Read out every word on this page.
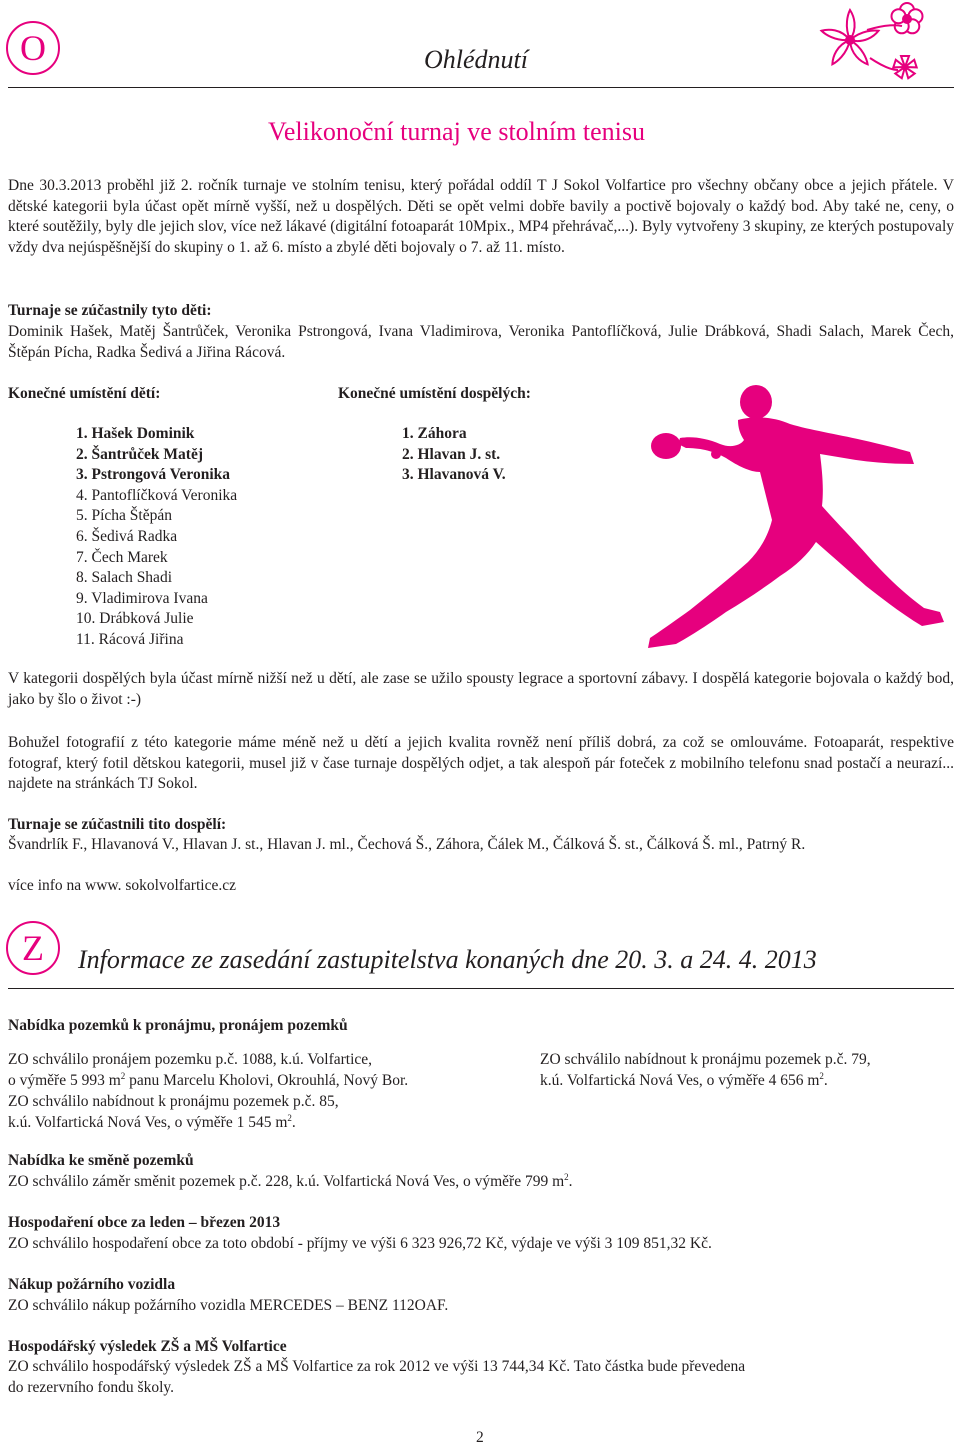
O	Ohlédnutí
Velikonoční turnaj ve stolním tenisu

Dne 30.3.2013 proběhl již 2. ročník turnaje ve stolním tenisu, který pořádal oddíl T J Sokol Volfartice pro všechny občany obce a jejich přátele. V dětské kategorii byla účast opět mírně vyšší, než u dospělých. Děti se opět velmi dobře bavily a poctivě bojovaly o každý bod. Aby také ne, ceny, o které soutěžily, byly dle jejich slov, více než lákavé (digitální fotoaparát 10Mpix., MP4 přehrávač,...). Byly vytvořeny 3 skupiny, ze kterých postupovaly vždy dva nejúspěšnější do skupiny o 1. až 6. místo a zbylé děti bojovaly o 7. až 11. místo.

Turnaje se zúčastnily tyto děti:

Dominik Hašek, Matěj Šantrůček, Veronika Pstrongová, Ivana Vladimirova, Veronika Pantoflíčková, Julie Drábková, Shadi Salach, Marek Čech, Štěpán Pícha, Radka Šedivá a Jiřina Rácová.

Konečné umístění dětí:	Konečné umístění dospělých:
1. Hašek Dominik
2. Šantrůček Matěj
3. Pstrongová Veronika
4. Pantoflíčková Veronika
5. Pícha Štěpán
6. Šedivá Radka
7. Čech Marek
8. Salach Shadi
9. Vladimirova Ivana
10. Drábková Julie
11. Rácová Jiřina
1. Záhora
2. Hlavan J. st.
3. Hlavanová V.

V kategorii dospělých byla účast mírně nižší než u dětí, ale zase se užilo spousty legrace a sportovní zábavy. I dospělá kategorie bojovala o každý bod, jako by šlo o život :-)

Bohužel fotografií z této kategorie máme méně než u dětí a jejich kvalita rovněž není příliš dobrá, za což se omlouváme. Fotoaparát, respektive fotograf, který fotil dětskou kategorii, musel již v čase turnaje dospělých odjet, a tak alespoň pár foteček z mobilního telefonu snad postačí a neurazí... najdete na stránkách TJ Sokol.

Turnaje se zúčastnili tito dospělí:
Švandrlík F., Hlavanová V., Hlavan J. st., Hlavan J. ml., Čechová Š., Záhora, Čálek M., Čálková Š. st., Čálková Š. ml., Patrný R.
více info na www. sokolvolfartice.cz
Z	Informace ze zasedání zastupitelstva konaných dne 20. 3. a 24. 4. 2013
Nabídka pozemků k pronájmu, pronájem pozemků
ZO schválilo pronájem pozemku p.č. 1088, k.ú. Volfartice,
o výměře 5 993 $m^2$ panu Marcelu Kholovi, Okrouhlá, Nový Bor.
ZO schválilo nabídnout k pronájmu pozemek p.č. 85,
k.ú. Volfartická Nová Ves, o výměře 1 545 $m^2$.
ZO schválilo nabídnout k pronájmu pozemek p.č. 79,
k.ú. Volfartická Nová Ves, o výměře 4 656 $m^2$.
Nabídka ke směně pozemků
ZO schválilo záměr směnit pozemek p.č. 228, k.ú. Volfartická Nová Ves, o výměře 799 $m^2$.
Hospodaření obce za leden – březen 2013
ZO schválilo hospodaření obce za toto období - příjmy ve výši 6 323 926,72 Kč, výdaje ve výši 3 109 851,32 Kč.
Nákup požárního vozidla
ZO schválilo nákup požárního vozidla MERCEDES – BENZ 112OAF.
Hospodářský výsledek ZŠ a MŠ Volfartice
ZO schválilo hospodářský výsledek ZŠ a MŠ Volfartice za rok 2012 ve výši 13 744,34 Kč. Tato částka bude převedena
do rezervního fondu školy.
2
